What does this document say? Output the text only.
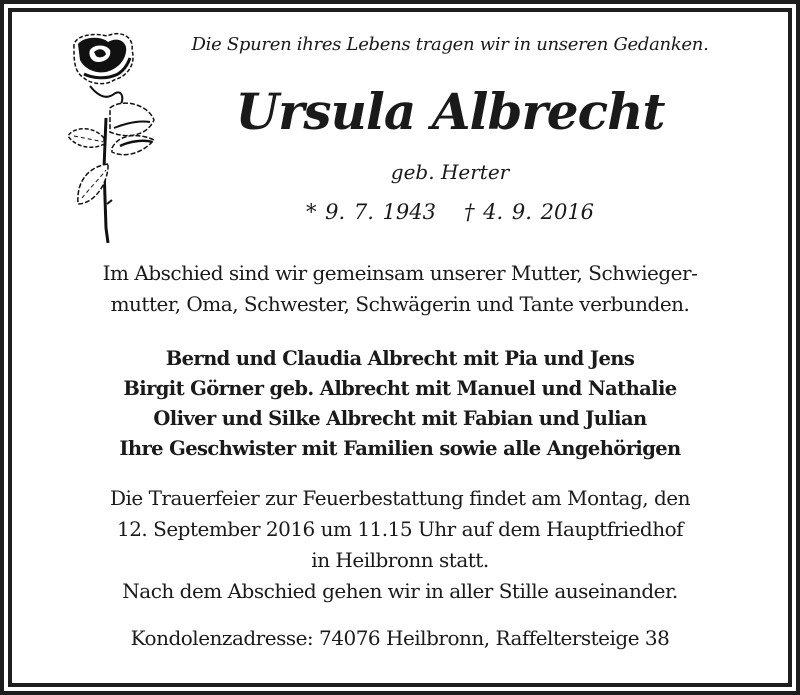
Die Spuren ihres Lebens tragen wir in unseren Gedanken.
Ursula Albrecht
geb. Herter
* 9. 7. 1943 † 4. 9. 2016
Im Abschied sind wir gemeinsam unserer Mutter, Schwieger-
mutter, Oma, Schwester, Schwägerin und Tante verbunden.
Bernd und Claudia Albrecht mit Pia und Jens
Birgit Görner geb. Albrecht mit Manuel und Nathalie
Oliver und Silke Albrecht mit Fabian und Julian
Ihre Geschwister mit Familien sowie alle Angehörigen
Die Trauerfeier zur Feuerbestattung findet am Montag, den
12. September 2016 um 11.15 Uhr auf dem Hauptfriedhof
in Heilbronn statt.
Nach dem Abschied gehen wir in aller Stille auseinander.
Kondolenzadresse: 74076 Heilbronn, Raffeltersteige 38
